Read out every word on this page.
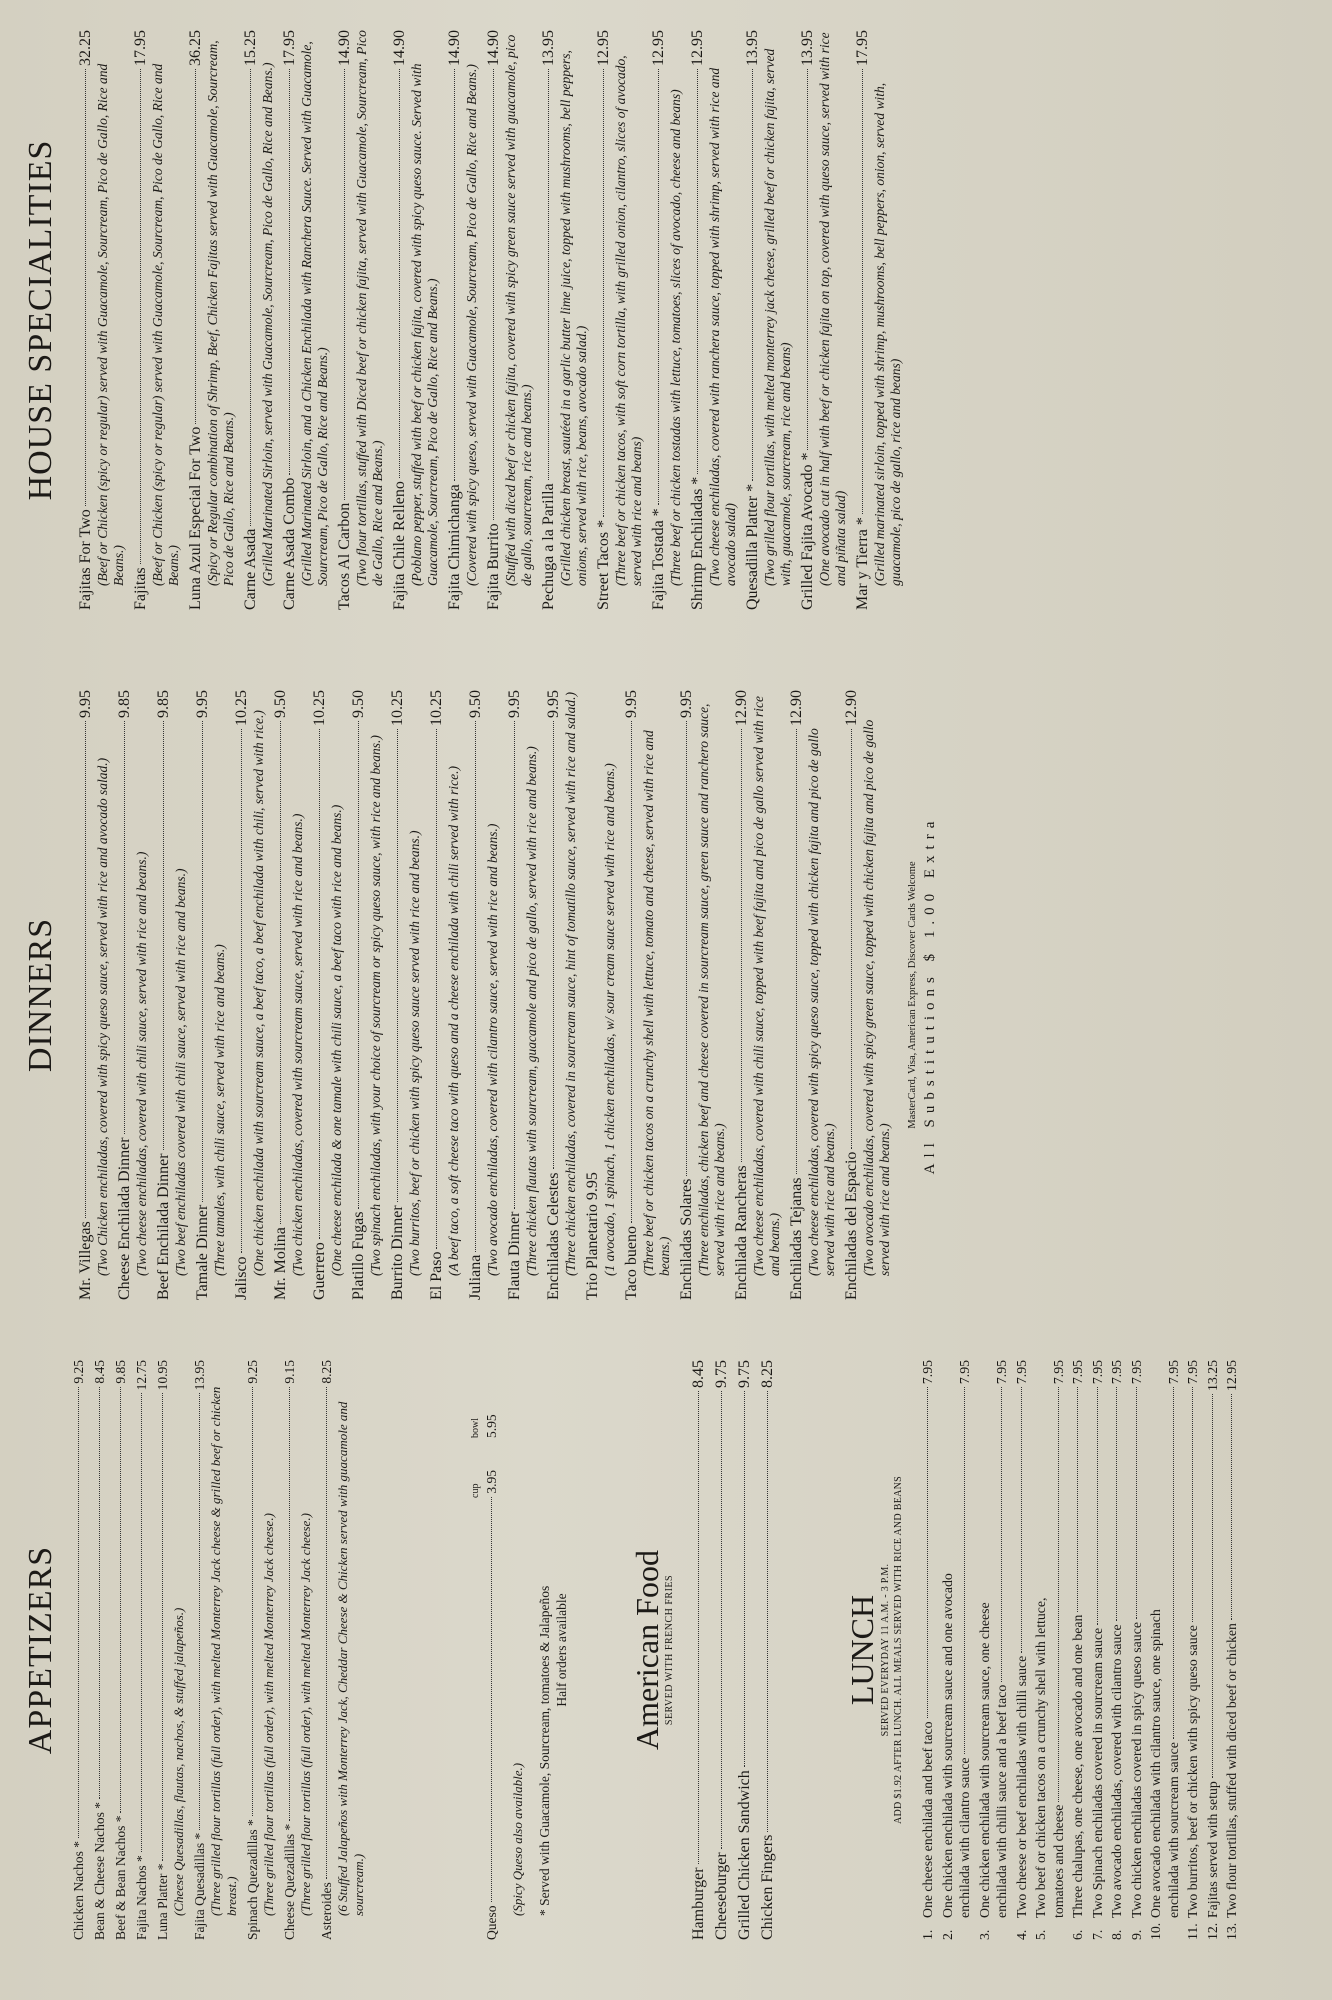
APPETIZERS
Chicken Nachos *
9.25
Bean & Cheese Nachos *
8.45
Beef & Bean Nachos *
9.85
Fajita Nachos *
12.75
Luna Platter *
10.95
(Cheese Quesadillas, flautas, nachos, & stuffed jalapeños.) Fajita Quesadillas *
13.95
(Three grilled flour tortillas (full order), with melted Monterrey Jack cheese & grilled beef or chicken breast.) Spinach Quezadillas *
9.25
(Three grilled flour tortillas (full order), with melted Monterrey Jack cheese.) Cheese Quezadillas *
9.15
(Three grilled flour tortillas (full order), with melted Monterrey Jack cheese.) Asteroides
8.25
(6 Stuffed Jalapeños with Monterrey Jack, Cheddar Cheese & Chicken served with guacamole and sourcream.)
cup
bowl
Queso
3.95
5.95
(Spicy Queso also available.) * Served with Guacamole, Sourcream, tomatoes & Jalapeños Half orders available American Food SERVED WITH FRENCH FRIES
Hamburger
8.45
Cheeseburger
9.75
Grilled Chicken Sandwich
9.75
Chicken Fingers
8.25
LUNCH SERVED EVERYDAY 11 A.M. - 3 P.M. ADD $1.92 AFTER LUNCH. ALL MEALS SERVED WITH RICE AND BEANS
1.
One cheese enchilada and beef taco
7.95
2.
One chicken enchilada with sourcream sauce and one avocado enchilada with cilantro sauce
7.95
3.
One chicken enchilada with sourcream sauce, one cheese enchilada with chilli sauce and a beef taco
7.95
4.
Two cheese or beef enchiladas with chilli sauce
7.95
5.
Two beef or chicken tacos on a crunchy shell with lettuce, tomatoes and cheese
7.95
6.
Three chalupas, one cheese, one avocado and one bean
7.95
7.
Two Spinach enchiladas covered in sourcream sauce
7.95
8.
Two avocado enchiladas, covered with cilantro sauce
7.95
9.
Two chicken enchiladas covered in spicy queso sauce
7.95
10.
One avocado enchilada with cilantro sauce, one spinach enchilada with sourcream sauce
7.95
11.
Two burritos, beef or chicken with spicy queso sauce
7.95
12.
Fajitas served with setup
13.25
13.
Two flour tortillas, stuffed with diced beef or chicken
12.95
DINNERS
Mr. Villegas
9.95
(Two Chicken enchiladas, covered with spicy queso sauce, served with rice and avocado salad.) Cheese Enchilada Dinner
9.85
(Two cheese enchiladas, covered with chili sauce, served with rice and beans.) Beef Enchilada Dinner
9.85
(Two beef enchiladas covered with chili sauce, served with rice and beans.) Tamale Dinner
9.95
(Three tamales, with chili sauce, served with rice and beans.)
Jalisco
10.25
(One chicken enchilada with sourcream sauce, a beef taco, a beef enchilada with chili, served with rice.) Mr. Molina
9.50
(Two chicken enchiladas, covered with sourcream sauce, served with rice and beans.) Guerrero
10.25
(One cheese enchilada & one tamale with chili sauce, a beef taco with rice and beans.) Platillo Fugas
9.50
(Two spinach enchiladas, with your choice of sourcream or spicy queso sauce, with rice and beans.) Burrito Dinner
10.25
(Two burritos, beef or chicken with spicy queso sauce served with rice and beans.) El Paso
10.25
(A beef taco, a soft cheese taco with queso and a cheese enchilada with chili served with rice.)
Juliana
9.50
(Two avocado enchiladas, covered with cilantro sauce, served with rice and beans.) Flauta Dinner
9.95
(Three chicken flautas with sourcream, guacamole and pico de gallo, served with rice and beans.) Enchiladas Celestes
9.95 (Three chicken enchiladas, covered in sourcream sauce, hint of tomatillo sauce, served with rice and salad.) Trio Planetario 9.95 (1 avocado, 1 spinach, 1 chicken enchiladas, w/ sour cream sauce served with rice and beans.) Taco bueno
9.95
(Three beef or chicken tacos on a crunchy shell with lettuce, tomato and cheese, served with rice and beans.) Enchiladas Solares
9.95 (Three enchiladas, chicken beef and cheese covered in sourcream sauce, green sauce and ranchero sauce, served with rice and beans.) Enchilada Rancheras
12.90 (Two cheese enchiladas, covered with chili sauce, topped with beef fajita and pico de gallo served with rice and beans.) Enchiladas Tejanas
12.90
(Two cheese enchiladas, covered with spicy queso sauce, topped with chicken fajita and pico de gallo served with rice and beans.) Enchiladas del Espacio
12.90
(Two avocado enchiladas, covered with spicy green sauce, topped with chicken fajita and pico de gallo served with rice and beans.)
MasterCard, Visa, American Express, Discover Cards Welcome All Substitutions $ 1.00 Extra
HOUSE SPECIALITIES
Fajitas For Two
32.25
(Beef or Chicken (spicy or regular) served with Guacamole, Sourcream, Pico de Gallo, Rice and Beans.)
Fajitas
17.95
(Beef or Chicken (spicy or regular) served with Guacamole, Sourcream, Pico de Gallo, Rice and Beans.) Luna Azul Especial For Two
36.25 (Spicy or Regular combination of Shrimp, Beef, Chicken Fajitas served with Guacamole, Sourcream, Pico de Gallo, Rice and Beans.) Carne Asada
15.25
(Grilled Marinated Sirloin, served with Guacamole, Sourcream, Pico de Gallo, Rice and Beans.) Carne Asada Combo
17.95 (Grilled Marinated Sirloin, and a Chicken Enchilada with Ranchera Sauce. Served with Guacamole, Sourcream, Pico de Gallo, Rice and Beans.) Tacos Al Carbon
14.90 (Two flour tortillas, stuffed with Diced beef or chicken fajita, served with Guacamole, Sourcream, Pico de Gallo, Rice and Beans.) Fajita Chile Relleno
14.90
(Poblano pepper, stuffed with beef or chicken fajita, covered with spicy queso sauce. Served with Guacamole, Sourcream, Pico de Gallo, Rice and Beans.) Fajita Chimichanga
14.90
(Covered with spicy queso, served with Guacamole, Sourcream, Pico de Gallo, Rice and Beans.) Fajita Burrito
14.90 (Stuffed with diced beef or chicken fajita, covered with spicy green sauce served with guacamole, pico de gallo, sourcream, rice and beans.) Pechuga a la Parilla
13.95
(Grilled chicken breast, sautéed in a garlic butter lime juice, topped with mushrooms, bell peppers, onions, served with rice, beans, avocado salad.) Street Tacos *
12.95
(Three beef or chicken tacos, with soft corn tortilla, with grilled onion, cilantro, slices of avocado, served with rice and beans) Fajita Tostada *
12.95
(Three beef or chicken tostadas with lettuce, tomatoes, slices of avocado, cheese and beans) Shrimp Enchiladas *
12.95
(Two cheese enchiladas, covered with ranchera sauce, topped with shrimp, served with rice and avocado salad) Quesadilla Platter *
13.95
(Two grilled flour tortillas, with melted monterrey jack cheese, grilled beef or chicken fajita, served with, guacamole, sourcream, rice and beans) Grilled Fajita Avocado *
13.95 (One avocado cut in half with beef or chicken fajita on top, covered with queso sauce, served with rice and piñata salad) Mar y Tierra *
17.95
(Grilled marinated sirloin, topped with shrimp, mushrooms, bell peppers, onion, served with, guacamole, pico de gallo, rice and beans)
